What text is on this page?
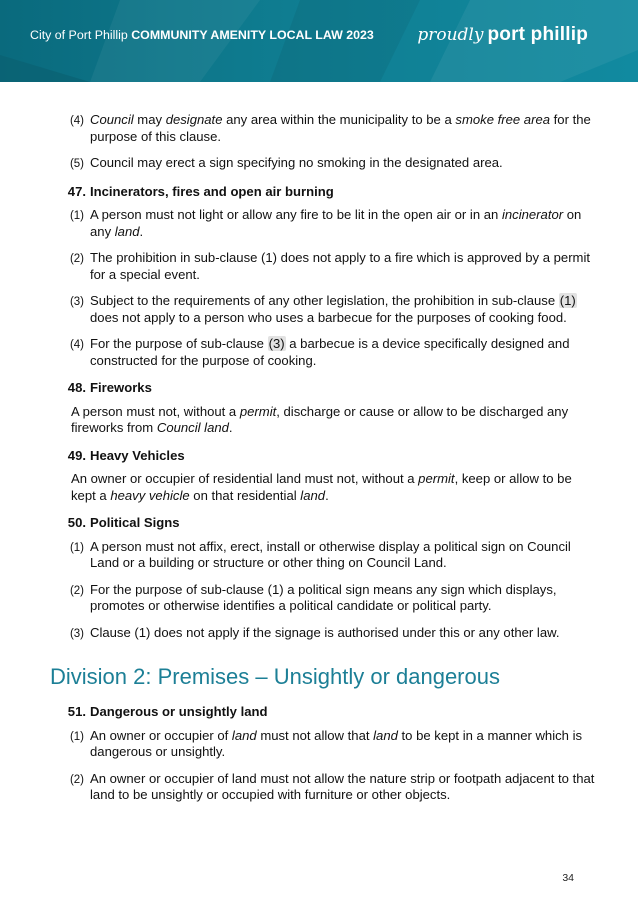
City of Port Phillip COMMUNITY AMENITY LOCAL LAW 2023	proudly port phillip
(4) Council may designate any area within the municipality to be a smoke free area for the purpose of this clause.
(5) Council may erect a sign specifying no smoking in the designated area.
47. Incinerators, fires and open air burning
(1) A person must not light or allow any fire to be lit in the open air or in an incinerator on any land.
(2) The prohibition in sub-clause (1) does not apply to a fire which is approved by a permit for a special event.
(3) Subject to the requirements of any other legislation, the prohibition in sub-clause (1) does not apply to a person who uses a barbecue for the purposes of cooking food.
(4) For the purpose of sub-clause (3) a barbecue is a device specifically designed and constructed for the purpose of cooking.
48. Fireworks
A person must not, without a permit, discharge or cause or allow to be discharged any fireworks from Council land.
49. Heavy Vehicles
An owner or occupier of residential land must not, without a permit, keep or allow to be kept a heavy vehicle on that residential land.
50. Political Signs
(1) A person must not affix, erect, install or otherwise display a political sign on Council Land or a building or structure or other thing on Council Land.
(2) For the purpose of sub-clause (1) a political sign means any sign which displays, promotes or otherwise identifies a political candidate or political party.
(3) Clause (1) does not apply if the signage is authorised under this or any other law.
Division 2: Premises – Unsightly or dangerous
51. Dangerous or unsightly land
(1) An owner or occupier of land must not allow that land to be kept in a manner which is dangerous or unsightly.
(2) An owner or occupier of land must not allow the nature strip or footpath adjacent to that land to be unsightly or occupied with furniture or other objects.
34
